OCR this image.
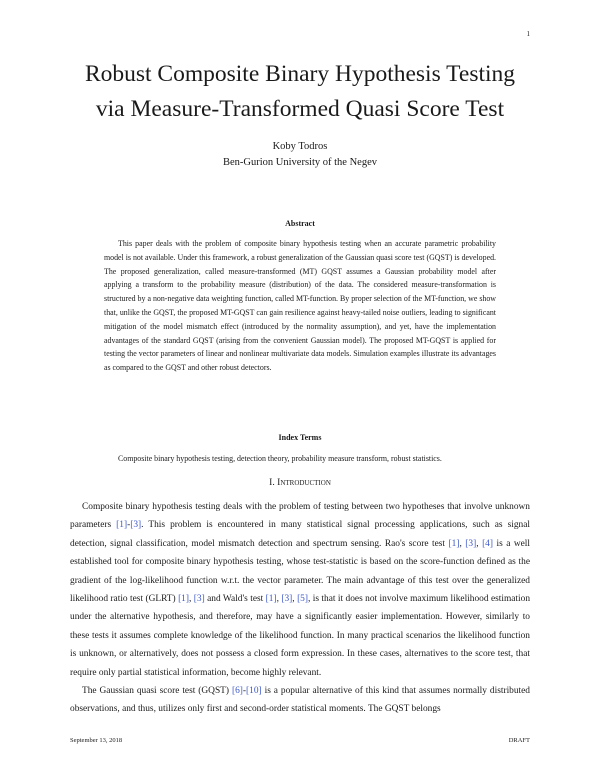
1
Robust Composite Binary Hypothesis Testing
via Measure-Transformed Quasi Score Test
Koby Todros
Ben-Gurion University of the Negev
Abstract
This paper deals with the problem of composite binary hypothesis testing when an accurate parametric probability model is not available. Under this framework, a robust generalization of the Gaussian quasi score test (GQST) is developed. The proposed generalization, called measure-transformed (MT) GQST assumes a Gaussian probability model after applying a transform to the probability measure (distribution) of the data. The considered measure-transformation is structured by a non-negative data weighting function, called MT-function. By proper selection of the MT-function, we show that, unlike the GQST, the proposed MT-GQST can gain resilience against heavy-tailed noise outliers, leading to significant mitigation of the model mismatch effect (introduced by the normality assumption), and yet, have the implementation advantages of the standard GQST (arising from the convenient Gaussian model). The proposed MT-GQST is applied for testing the vector parameters of linear and nonlinear multivariate data models. Simulation examples illustrate its advantages as compared to the GQST and other robust detectors.
Index Terms
Composite binary hypothesis testing, detection theory, probability measure transform, robust statistics.
I. Introduction

Composite binary hypothesis testing deals with the problem of testing between two hypotheses that involve unknown parameters [1]-[3]. This problem is encountered in many statistical signal processing applications, such as signal detection, signal classification, model mismatch detection and spectrum sensing. Rao's score test [1], [3], [4] is a well established tool for composite binary hypothesis testing, whose test-statistic is based on the score-function defined as the gradient of the log-likelihood function w.r.t. the vector parameter. The main advantage of this test over the generalized likelihood ratio test (GLRT) [1], [3] and Wald's test [1], [3], [5], is that it does not involve maximum likelihood estimation under the alternative hypothesis, and therefore, may have a significantly easier implementation. However, similarly to these tests it assumes complete knowledge of the likelihood function. In many practical scenarios the likelihood function is unknown, or alternatively, does not possess a closed form expression. In these cases, alternatives to the score test, that require only partial statistical information, become highly relevant.

The Gaussian quasi score test (GQST) [6]-[10] is a popular alternative of this kind that assumes normally distributed observations, and thus, utilizes only first and second-order statistical moments. The GQST belongs

September 13, 2018	DRAFT
